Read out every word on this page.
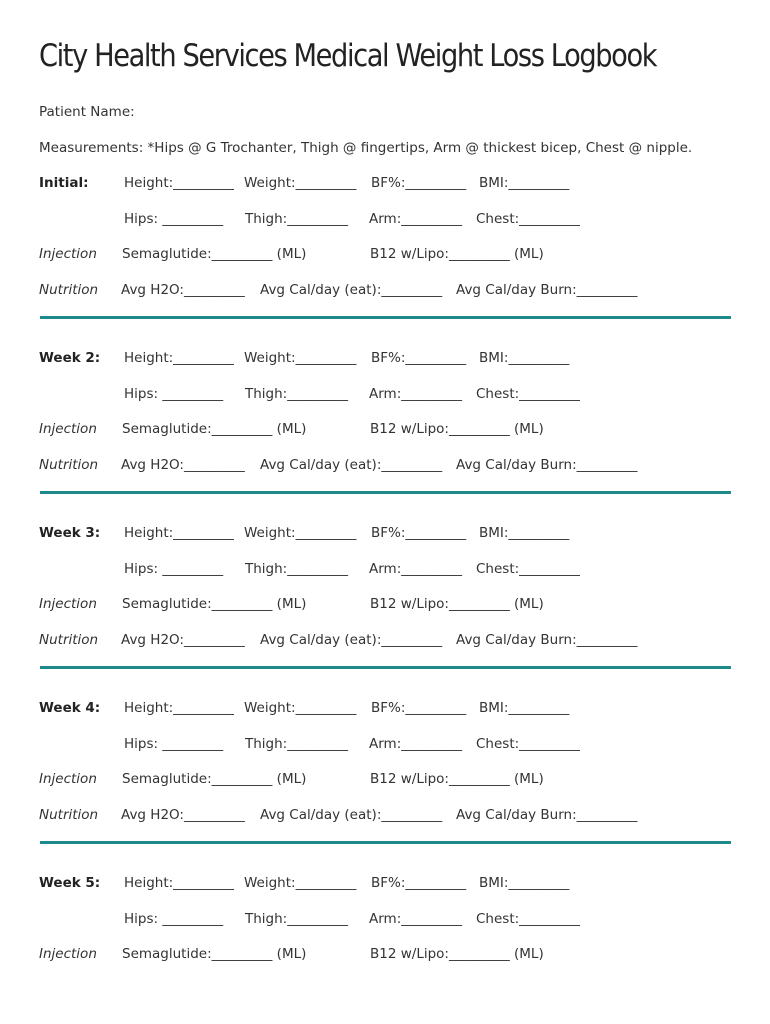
City Health Services Medical Weight Loss Logbook
Patient Name:
Measurements: *Hips @ G Trochanter, Thigh @ fingertips, Arm @ thickest bicep, Chest @ nipple.
Initial:	Height:_________ Weight:_________ BF%:_________ BMI:_________
Hips: _________ Thigh:_________ Arm:_________ Chest:_________
Injection Semaglutide:_________ (ML)	B12 w/Lipo:_________ (ML)
Nutrition Avg H2O:_________ Avg Cal/day (eat):_________ Avg Cal/day Burn:_________
Week 2: Height:_________ Weight:_________ BF%:_________ BMI:_________
Hips: _________ Thigh:_________ Arm:_________ Chest:_________
Injection Semaglutide:_________ (ML)	B12 w/Lipo:_________ (ML)
Nutrition Avg H2O:_________ Avg Cal/day (eat):_________ Avg Cal/day Burn:_________
Week 3: Height:_________ Weight:_________ BF%:_________ BMI:_________
Hips: _________ Thigh:_________ Arm:_________ Chest:_________
Injection Semaglutide:_________ (ML)	B12 w/Lipo:_________ (ML)
Nutrition Avg H2O:_________ Avg Cal/day (eat):_________ Avg Cal/day Burn:_________
Week 4: Height:_________ Weight:_________ BF%:_________ BMI:_________
Hips: _________ Thigh:_________ Arm:_________ Chest:_________
Injection Semaglutide:_________ (ML)	B12 w/Lipo:_________ (ML)
Nutrition Avg H2O:_________ Avg Cal/day (eat):_________ Avg Cal/day Burn:_________
Week 5: Height:_________ Weight:_________ BF%:_________ BMI:_________
Hips: _________ Thigh:_________ Arm:_________ Chest:_________
Injection Semaglutide:_________ (ML)	B12 w/Lipo:_________ (ML)
